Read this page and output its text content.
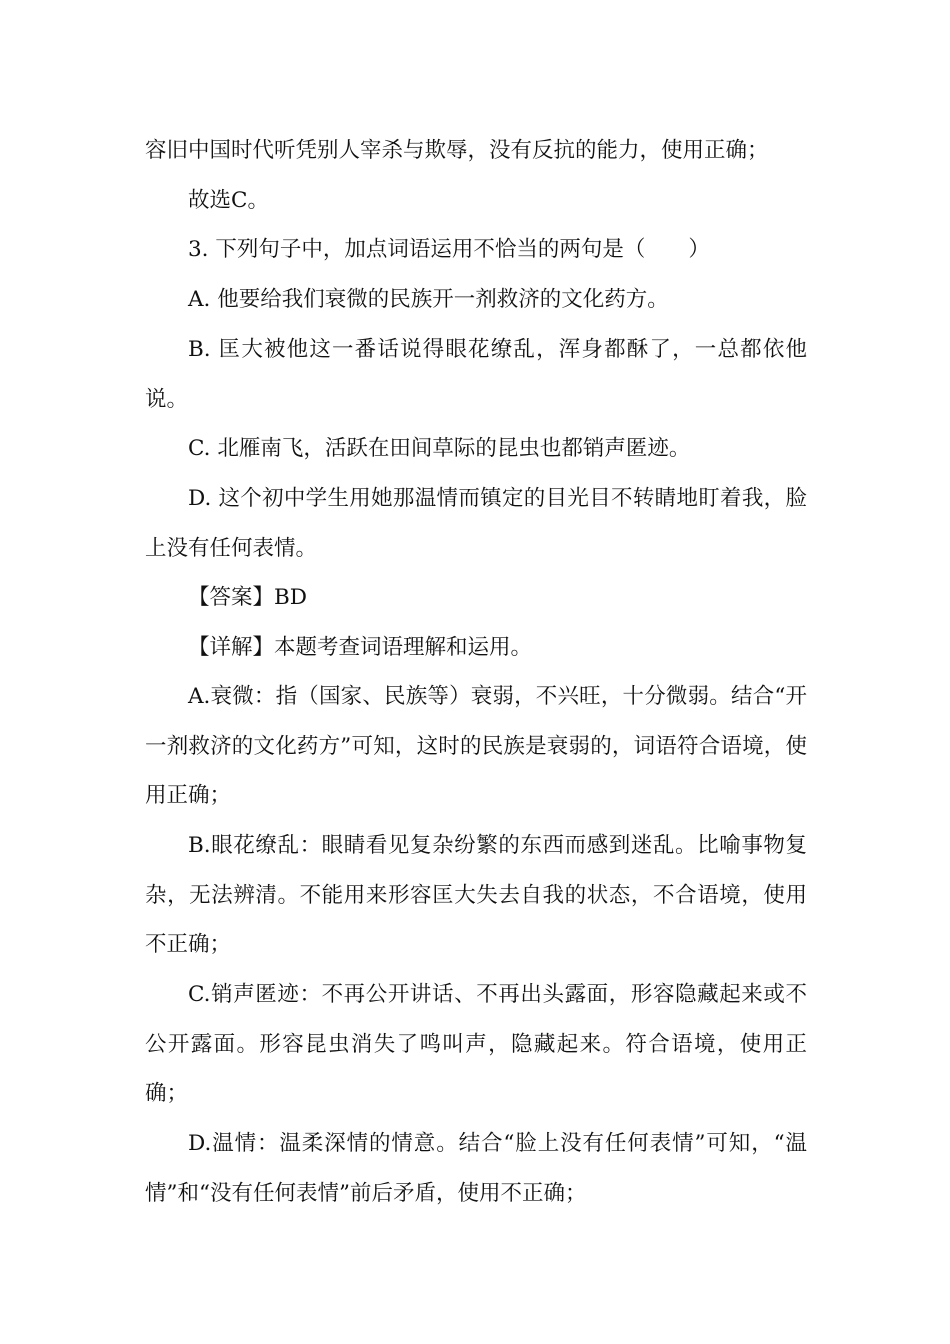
容旧中国时代听凭别人宰杀与欺辱，没有反抗的能力，使用正确；

故选C。

3. 下列句子中，加点词语运用不恰当的两句是（　　）

A. 他要给我们衰微的民族开一剂救济的文化药方。

B. 匡大被他这一番话说得眼花缭乱，浑身都酥了，一总都依他说。

C. 北雁南飞，活跃在田间草际的昆虫也都销声匿迹。

D. 这个初中学生用她那温情而镇定的目光目不转睛地盯着我，脸上没有任何表情。

【答案】BD

【详解】本题考查词语理解和运用。

A.衰微：指（国家、民族等）衰弱，不兴旺，十分微弱。结合“开一剂救济的文化药方”可知，这时的民族是衰弱的，词语符合语境，使用正确；

B.眼花缭乱：眼睛看见复杂纷繁的东西而感到迷乱。比喻事物复杂，无法辨清。不能用来形容匡大失去自我的状态，不合语境，使用不正确；

C.销声匿迹：不再公开讲话、不再出头露面，形容隐藏起来或不公开露面。形容昆虫消失了鸣叫声，隐藏起来。符合语境，使用正确；

D.温情：温柔深情的情意。结合“脸上没有任何表情”可知，“温情”和“没有任何表情”前后矛盾，使用不正确；
